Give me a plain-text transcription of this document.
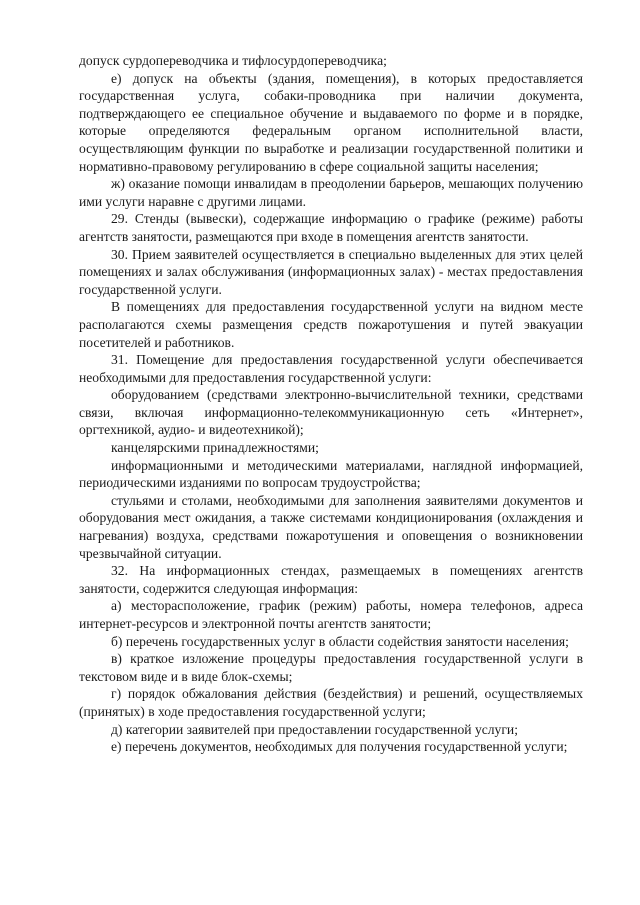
допуск сурдопереводчика и тифлосурдопереводчика;

е) допуск на объекты (здания, помещения), в которых предоставляется государственная услуга, собаки-проводника при наличии документа, подтверждающего ее специальное обучение и выдаваемого по форме и в порядке, которые определяются федеральным органом исполнительной власти, осуществляющим функции по выработке и реализации государственной политики и нормативно-правовому регулированию в сфере социальной защиты населения;

ж) оказание помощи инвалидам в преодолении барьеров, мешающих получению ими услуги наравне с другими лицами.

29. Стенды (вывески), содержащие информацию о графике (режиме) работы агентств занятости, размещаются при входе в помещения агентств занятости.

30. Прием заявителей осуществляется в специально выделенных для этих целей помещениях и залах обслуживания (информационных залах) - местах предоставления государственной услуги.

В помещениях для предоставления государственной услуги на видном месте располагаются схемы размещения средств пожаротушения и путей эвакуации посетителей и работников.

31. Помещение для предоставления государственной услуги обеспечивается необходимыми для предоставления государственной услуги:

оборудованием (средствами электронно-вычислительной техники, средствами связи, включая информационно-телекоммуникационную сеть «Интернет», оргтехникой, аудио- и видеотехникой);

канцелярскими принадлежностями;

информационными и методическими материалами, наглядной информацией, периодическими изданиями по вопросам трудоустройства;

стульями и столами, необходимыми для заполнения заявителями документов и оборудования мест ожидания, а также системами кондиционирования (охлаждения и нагревания) воздуха, средствами пожаротушения и оповещения о возникновении чрезвычайной ситуации.

32. На информационных стендах, размещаемых в помещениях агентств занятости, содержится следующая информация:

а) месторасположение, график (режим) работы, номера телефонов, адреса интернет-ресурсов и электронной почты агентств занятости;

б) перечень государственных услуг в области содействия занятости населения;

в) краткое изложение процедуры предоставления государственной услуги в текстовом виде и в виде блок-схемы;

г) порядок обжалования действия (бездействия) и решений, осуществляемых (принятых) в ходе предоставления государственной услуги;

д) категории заявителей при предоставлении государственной услуги;

е) перечень документов, необходимых для получения государственной услуги;
